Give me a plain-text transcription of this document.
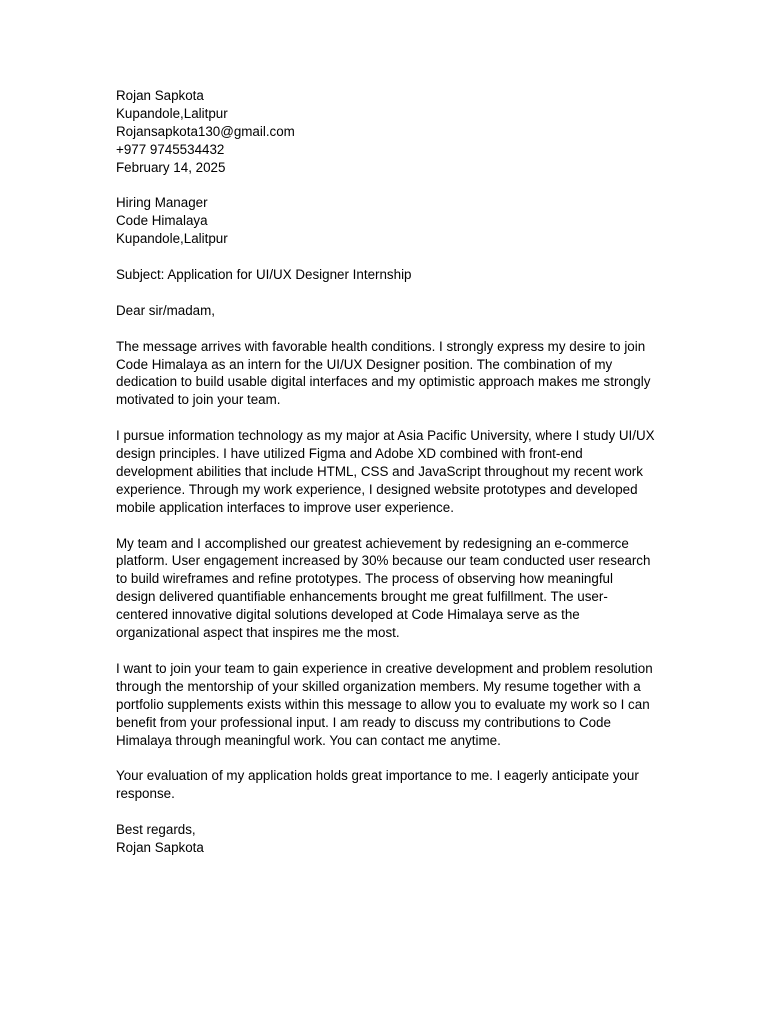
Rojan Sapkota
Kupandole,Lalitpur
Rojansapkota130@gmail.com
+977 9745534432
February 14, 2025
Hiring Manager
Code Himalaya
Kupandole,Lalitpur

Subject: Application for UI/UX Designer Internship

Dear sir/madam,

The message arrives with favorable health conditions. I strongly express my desire to join Code Himalaya as an intern for the UI/UX Designer position. The combination of my dedication to build usable digital interfaces and my optimistic approach makes me strongly motivated to join your team.

I pursue information technology as my major at Asia Pacific University, where I study UI/UX design principles. I have utilized Figma and Adobe XD combined with front-end development abilities that include HTML, CSS and JavaScript throughout my recent work experience. Through my work experience, I designed website prototypes and developed mobile application interfaces to improve user experience.

My team and I accomplished our greatest achievement by redesigning an e-commerce platform. User engagement increased by 30% because our team conducted user research to build wireframes and refine prototypes. The process of observing how meaningful design delivered quantifiable enhancements brought me great fulfillment. The user-centered innovative digital solutions developed at Code Himalaya serve as the organizational aspect that inspires me the most.

I want to join your team to gain experience in creative development and problem resolution through the mentorship of your skilled organization members. My resume together with a portfolio supplements exists within this message to allow you to evaluate my work so I can benefit from your professional input. I am ready to discuss my contributions to Code Himalaya through meaningful work. You can contact me anytime.

Your evaluation of my application holds great importance to me. I eagerly anticipate your response.

Best regards,
Rojan Sapkota
